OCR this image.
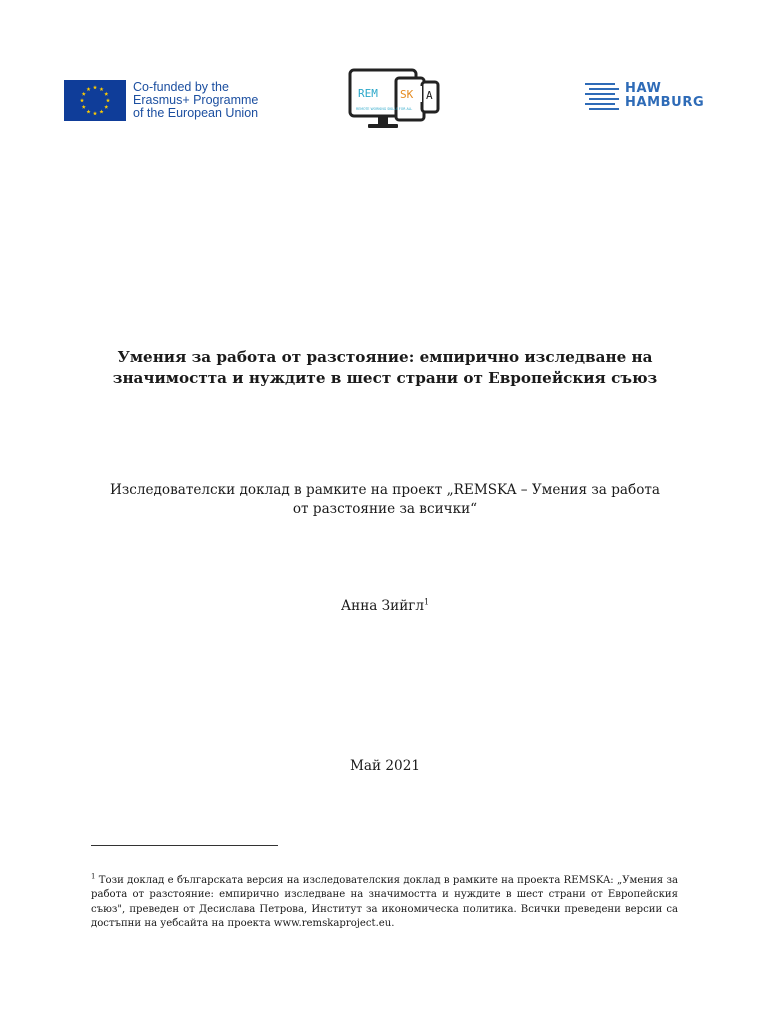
Co-funded by the
Erasmus+ Programme
of the European Union
REM SK A
REMOTE WORKING SKILLS FOR ALL
HAW
HAMBURG
Умения за работа от разстояние: емпирично изследване на
значимостта и нуждите в шест страни от Европейския съюз
Изследователски доклад в рамките на проект „REMSKA – Умения за работа
от разстояние за всички“
Анна Зийгл$^1$
Май 2021
$^1$ Този доклад е българската версия на изследователския доклад в рамките на проекта REMSKA: „Умения за работа от разстояние: емпирично изследване на значимостта и нуждите в шест страни от Европейския съюз", преведен от Десислава Петрова, Институт за икономическа политика. Всички преведени версии са достъпни на уебсайта на проекта www.remskaproject.eu.
